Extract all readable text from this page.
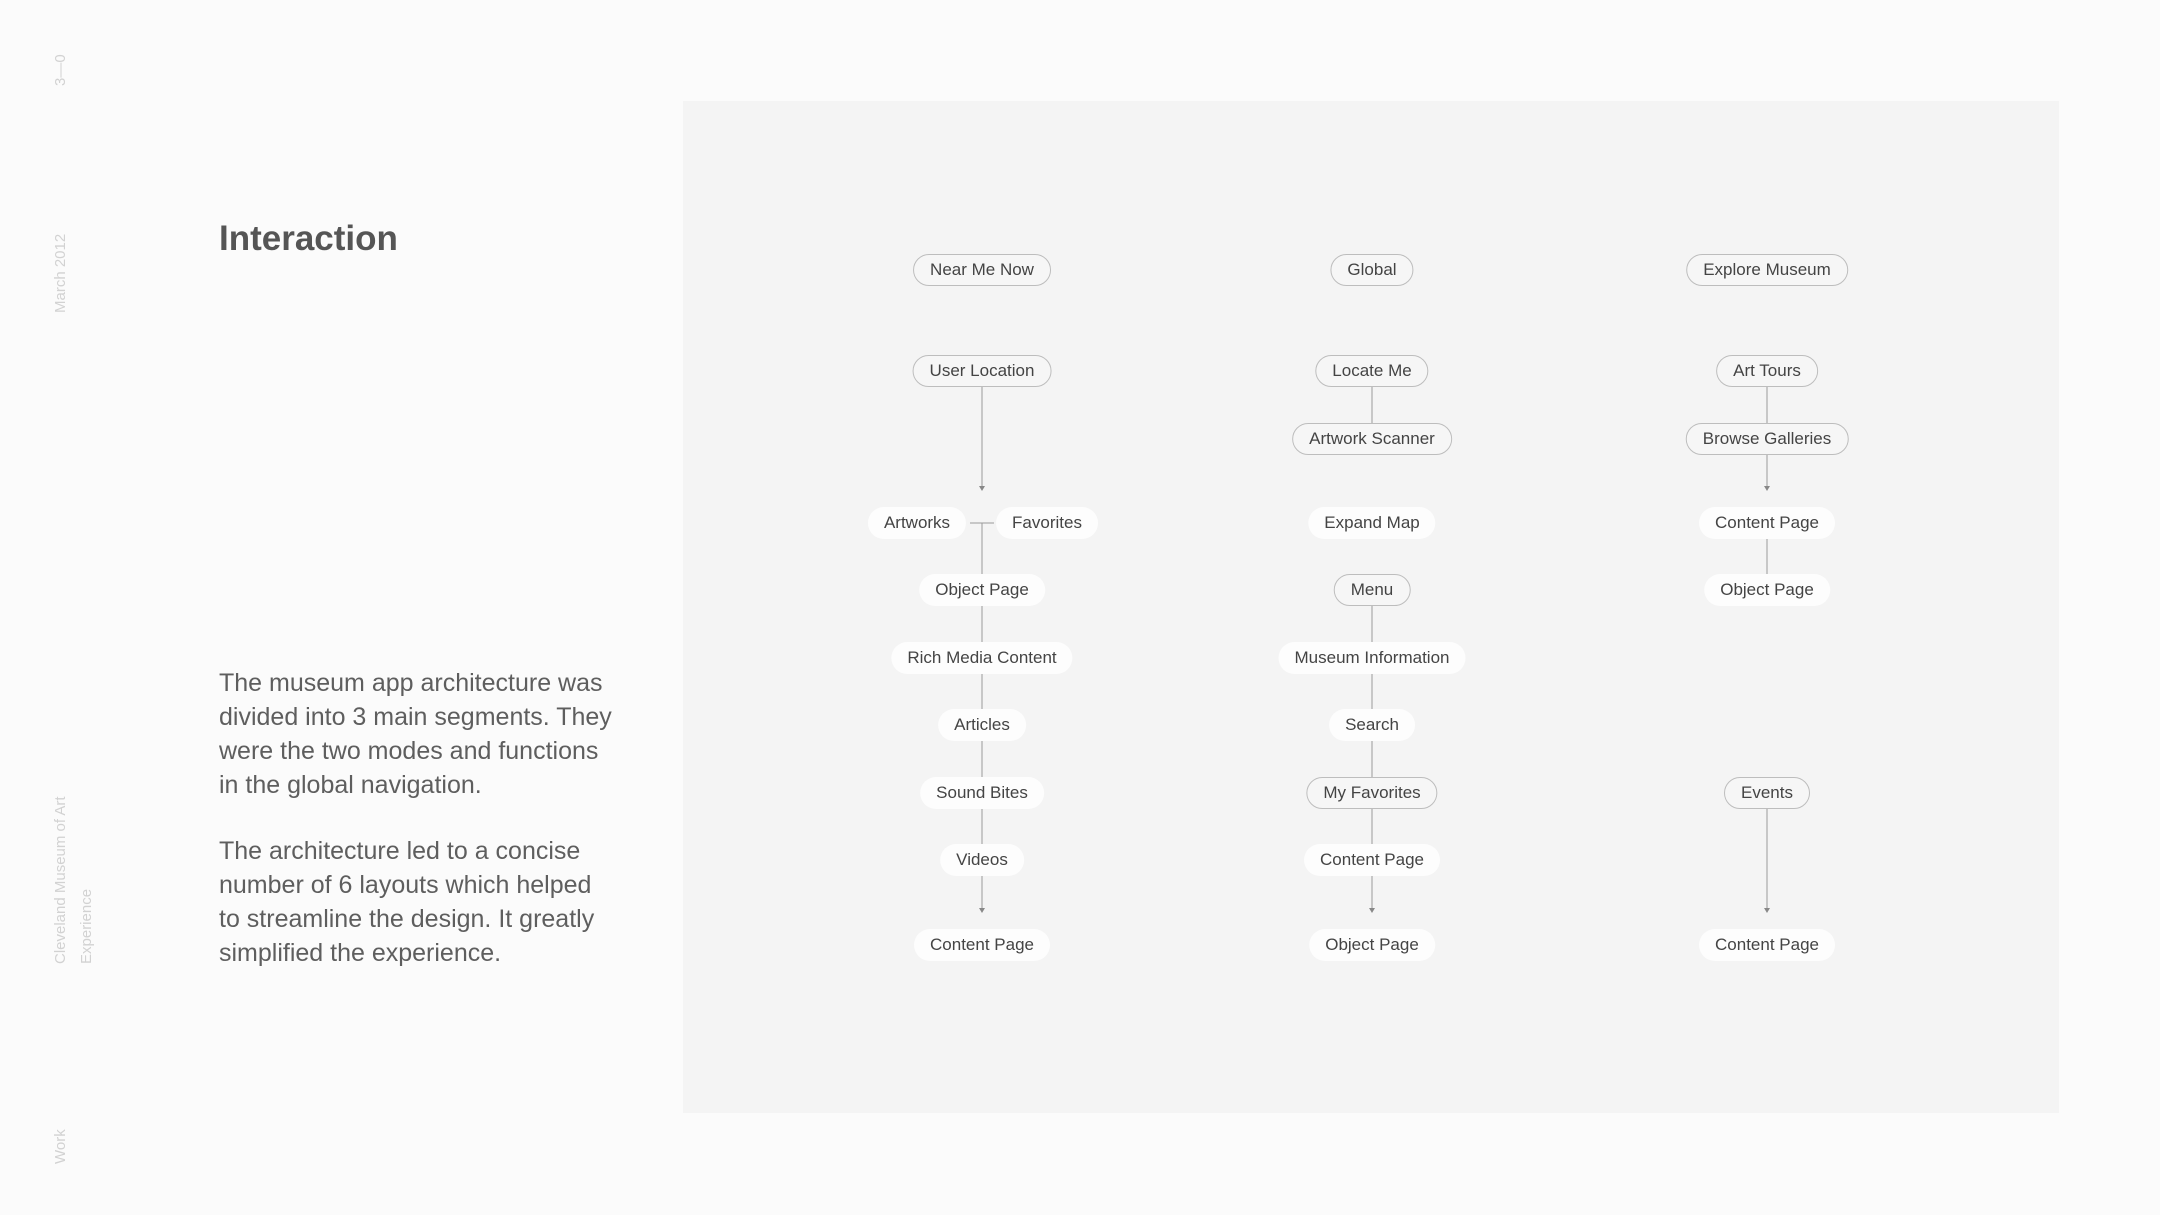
3—0
March 2012
Cleveland Museum of Art Experience
Work
Interaction

The museum app architecture was divided into 3 main segments. They were the two modes and functions in the global navigation.

The architecture led to a concise number of 6 layouts which helped to streamline the design. It greatly simplified the experience.

Near Me Now
User Location
Artworks	Favorites
Object Page
Rich Media Content
Articles
Sound Bites
Videos
Content Page
Global
Locate Me
Artwork Scanner
Expand Map
Menu
Museum Information
Search
My Favorites
Content Page
Object Page
Explore Museum
Art Tours
Browse Galleries
Content Page
Object Page
Events
Content Page
